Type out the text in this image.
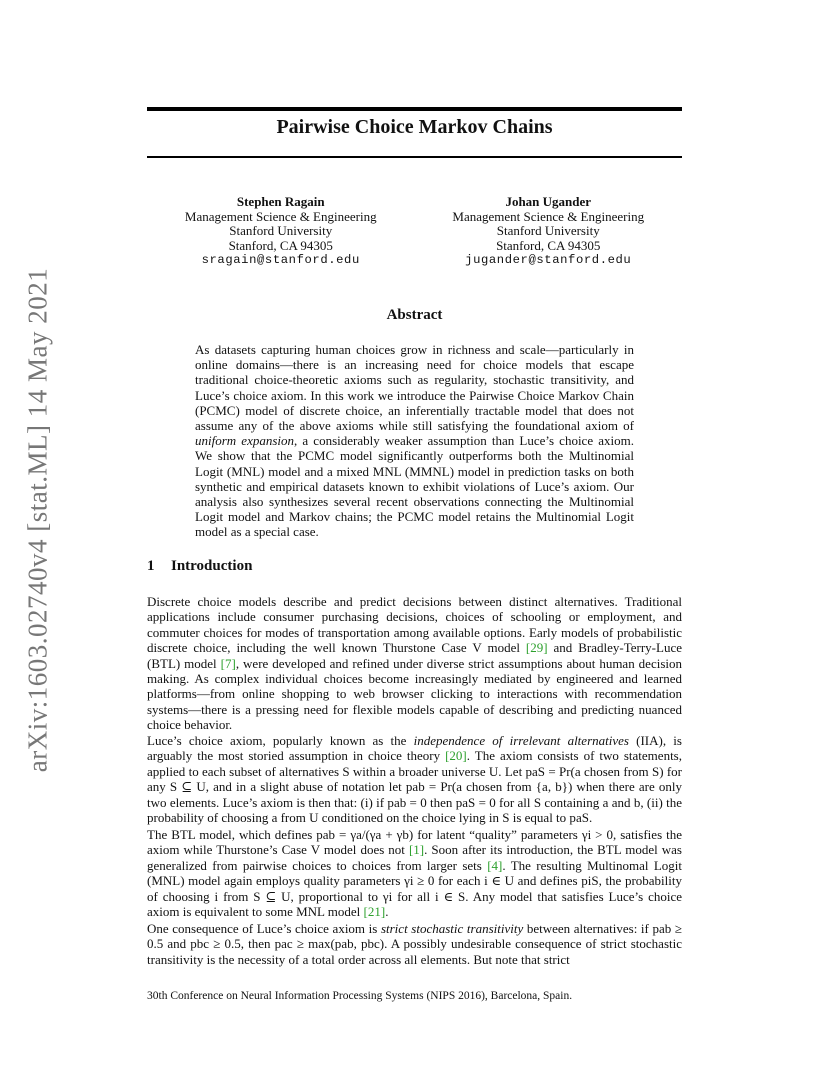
arXiv:1603.02740v4 [stat.ML] 14 May 2021
Pairwise Choice Markov Chains
Stephen Ragain
Management Science & Engineering
Stanford University
Stanford, CA 94305
sragain@stanford.edu
Johan Ugander
Management Science & Engineering
Stanford University
Stanford, CA 94305
jugander@stanford.edu
Abstract
As datasets capturing human choices grow in richness and scale—particularly in online domains—there is an increasing need for choice models that escape traditional choice-theoretic axioms such as regularity, stochastic transitivity, and Luce’s choice axiom. In this work we introduce the Pairwise Choice Markov Chain (PCMC) model of discrete choice, an inferentially tractable model that does not assume any of the above axioms while still satisfying the foundational axiom of uniform expansion, a considerably weaker assumption than Luce’s choice axiom. We show that the PCMC model significantly outperforms both the Multinomial Logit (MNL) model and a mixed MNL (MMNL) model in prediction tasks on both synthetic and empirical datasets known to exhibit violations of Luce’s axiom. Our analysis also synthesizes several recent observations connecting the Multinomial Logit model and Markov chains; the PCMC model retains the Multinomial Logit model as a special case.
1 Introduction
Discrete choice models describe and predict decisions between distinct alternatives. Traditional applications include consumer purchasing decisions, choices of schooling or employment, and commuter choices for modes of transportation among available options. Early models of probabilistic discrete choice, including the well known Thurstone Case V model [29] and Bradley-Terry-Luce (BTL) model [7], were developed and refined under diverse strict assumptions about human decision making. As complex individual choices become increasingly mediated by engineered and learned platforms—from online shopping to web browser clicking to interactions with recommendation systems—there is a pressing need for flexible models capable of describing and predicting nuanced choice behavior.
Luce’s choice axiom, popularly known as the independence of irrelevant alternatives (IIA), is arguably the most storied assumption in choice theory [20]. The axiom consists of two statements, applied to each subset of alternatives S within a broader universe U. Let paS = Pr(a chosen from S) for any S ⊆ U, and in a slight abuse of notation let pab = Pr(a chosen from {a, b}) when there are only two elements. Luce’s axiom is then that: (i) if pab = 0 then paS = 0 for all S containing a and b, (ii) the probability of choosing a from U conditioned on the choice lying in S is equal to paS.
The BTL model, which defines pab = γa/(γa + γb) for latent “quality” parameters γi > 0, satisfies the axiom while Thurstone’s Case V model does not [1]. Soon after its introduction, the BTL model was generalized from pairwise choices to choices from larger sets [4]. The resulting Multinomal Logit (MNL) model again employs quality parameters γi ≥ 0 for each i ∈ U and defines piS, the probability of choosing i from S ⊆ U, proportional to γi for all i ∈ S. Any model that satisfies Luce’s choice axiom is equivalent to some MNL model [21].
One consequence of Luce’s choice axiom is strict stochastic transitivity between alternatives: if pab ≥ 0.5 and pbc ≥ 0.5, then pac ≥ max(pab, pbc). A possibly undesirable consequence of strict stochastic transitivity is the necessity of a total order across all elements. But note that strict
30th Conference on Neural Information Processing Systems (NIPS 2016), Barcelona, Spain.
